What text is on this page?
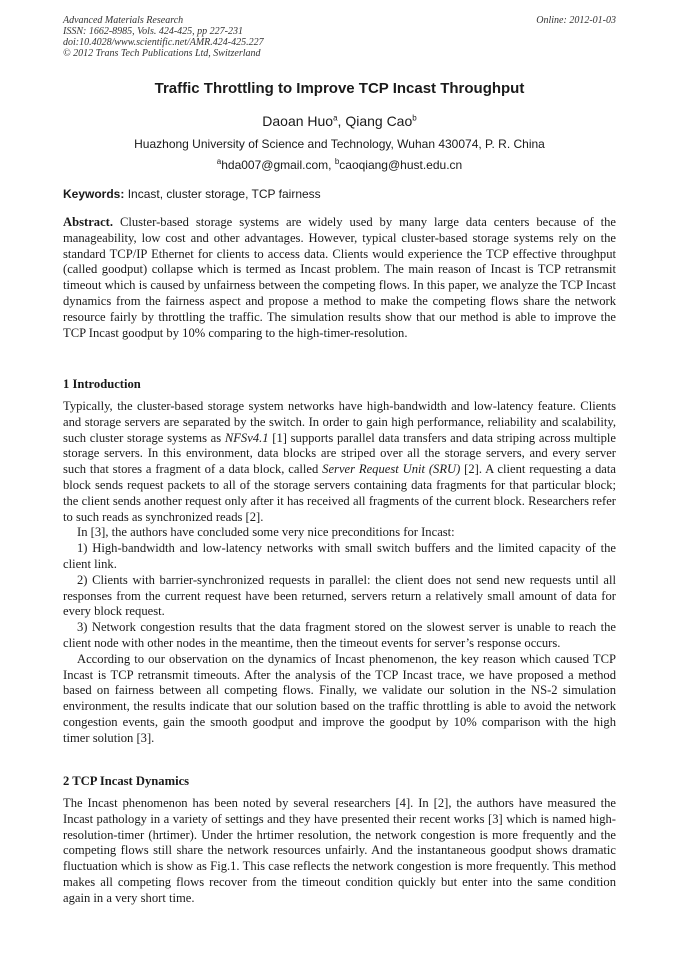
Advanced Materials Research
ISSN: 1662-8985, Vols. 424-425, pp 227-231
doi:10.4028/www.scientific.net/AMR.424-425.227
© 2012 Trans Tech Publications Ltd, Switzerland
Online: 2012-01-03
Traffic Throttling to Improve TCP Incast Throughput
Daoan Huo$^a$, Qiang Cao$^b$
Huazhong University of Science and Technology, Wuhan 430074, P. R. China
$^a$hda007@gmail.com, $^b$caoqiang@hust.edu.cn
Keywords: Incast, cluster storage, TCP fairness

Abstract. Cluster-based storage systems are widely used by many large data centers because of the manageability, low cost and other advantages. However, typical cluster-based storage systems rely on the standard TCP/IP Ethernet for clients to access data. Clients would experience the TCP effective throughput (called goodput) collapse which is termed as Incast problem. The main reason of Incast is TCP retransmit timeout which is caused by unfairness between the competing flows. In this paper, we analyze the TCP Incast dynamics from the fairness aspect and propose a method to make the competing flows share the network resource fairly by throttling the traffic. The simulation results show that our method is able to improve the TCP Incast goodput by 10% comparing to the high-timer-resolution.

1 Introduction

Typically, the cluster-based storage system networks have high-bandwidth and low-latency feature. Clients and storage servers are separated by the switch. In order to gain high performance, reliability and scalability, such cluster storage systems as NFSv4.1 [1] supports parallel data transfers and data striping across multiple storage servers. In this environment, data blocks are striped over all the storage servers, and every server such that stores a fragment of a data block, called Server Request Unit (SRU) [2]. A client requesting a data block sends request packets to all of the storage servers containing data fragments for that particular block; the client sends another request only after it has received all fragments of the current block. Researchers refer to such reads as synchronized reads [2].

In [3], the authors have concluded some very nice preconditions for Incast:

1) High-bandwidth and low-latency networks with small switch buffers and the limited capacity of the client link.

2) Clients with barrier-synchronized requests in parallel: the client does not send new requests until all responses from the current request have been returned, servers return a relatively small amount of data for every block request.

3) Network congestion results that the data fragment stored on the slowest server is unable to reach the client node with other nodes in the meantime, then the timeout events for server’s response occurs.

According to our observation on the dynamics of Incast phenomenon, the key reason which caused TCP Incast is TCP retransmit timeouts. After the analysis of the TCP Incast trace, we have proposed a method based on fairness between all competing flows. Finally, we validate our solution in the NS-2 simulation environment, the results indicate that our solution based on the traffic throttling is able to avoid the network congestion events, gain the smooth goodput and improve the goodput by 10% comparison with the high timer solution [3].

2 TCP Incast Dynamics

The Incast phenomenon has been noted by several researchers [4]. In [2], the authors have measured the Incast pathology in a variety of settings and they have presented their recent works [3] which is named high-resolution-timer (hrtimer). Under the hrtimer resolution, the network congestion is more frequently and the competing flows still share the network resources unfairly. And the instantaneous goodput shows dramatic fluctuation which is show as Fig.1. This case reflects the network congestion is more frequently. This method makes all competing flows recover from the timeout condition quickly but enter into the same condition again in a very short time.
